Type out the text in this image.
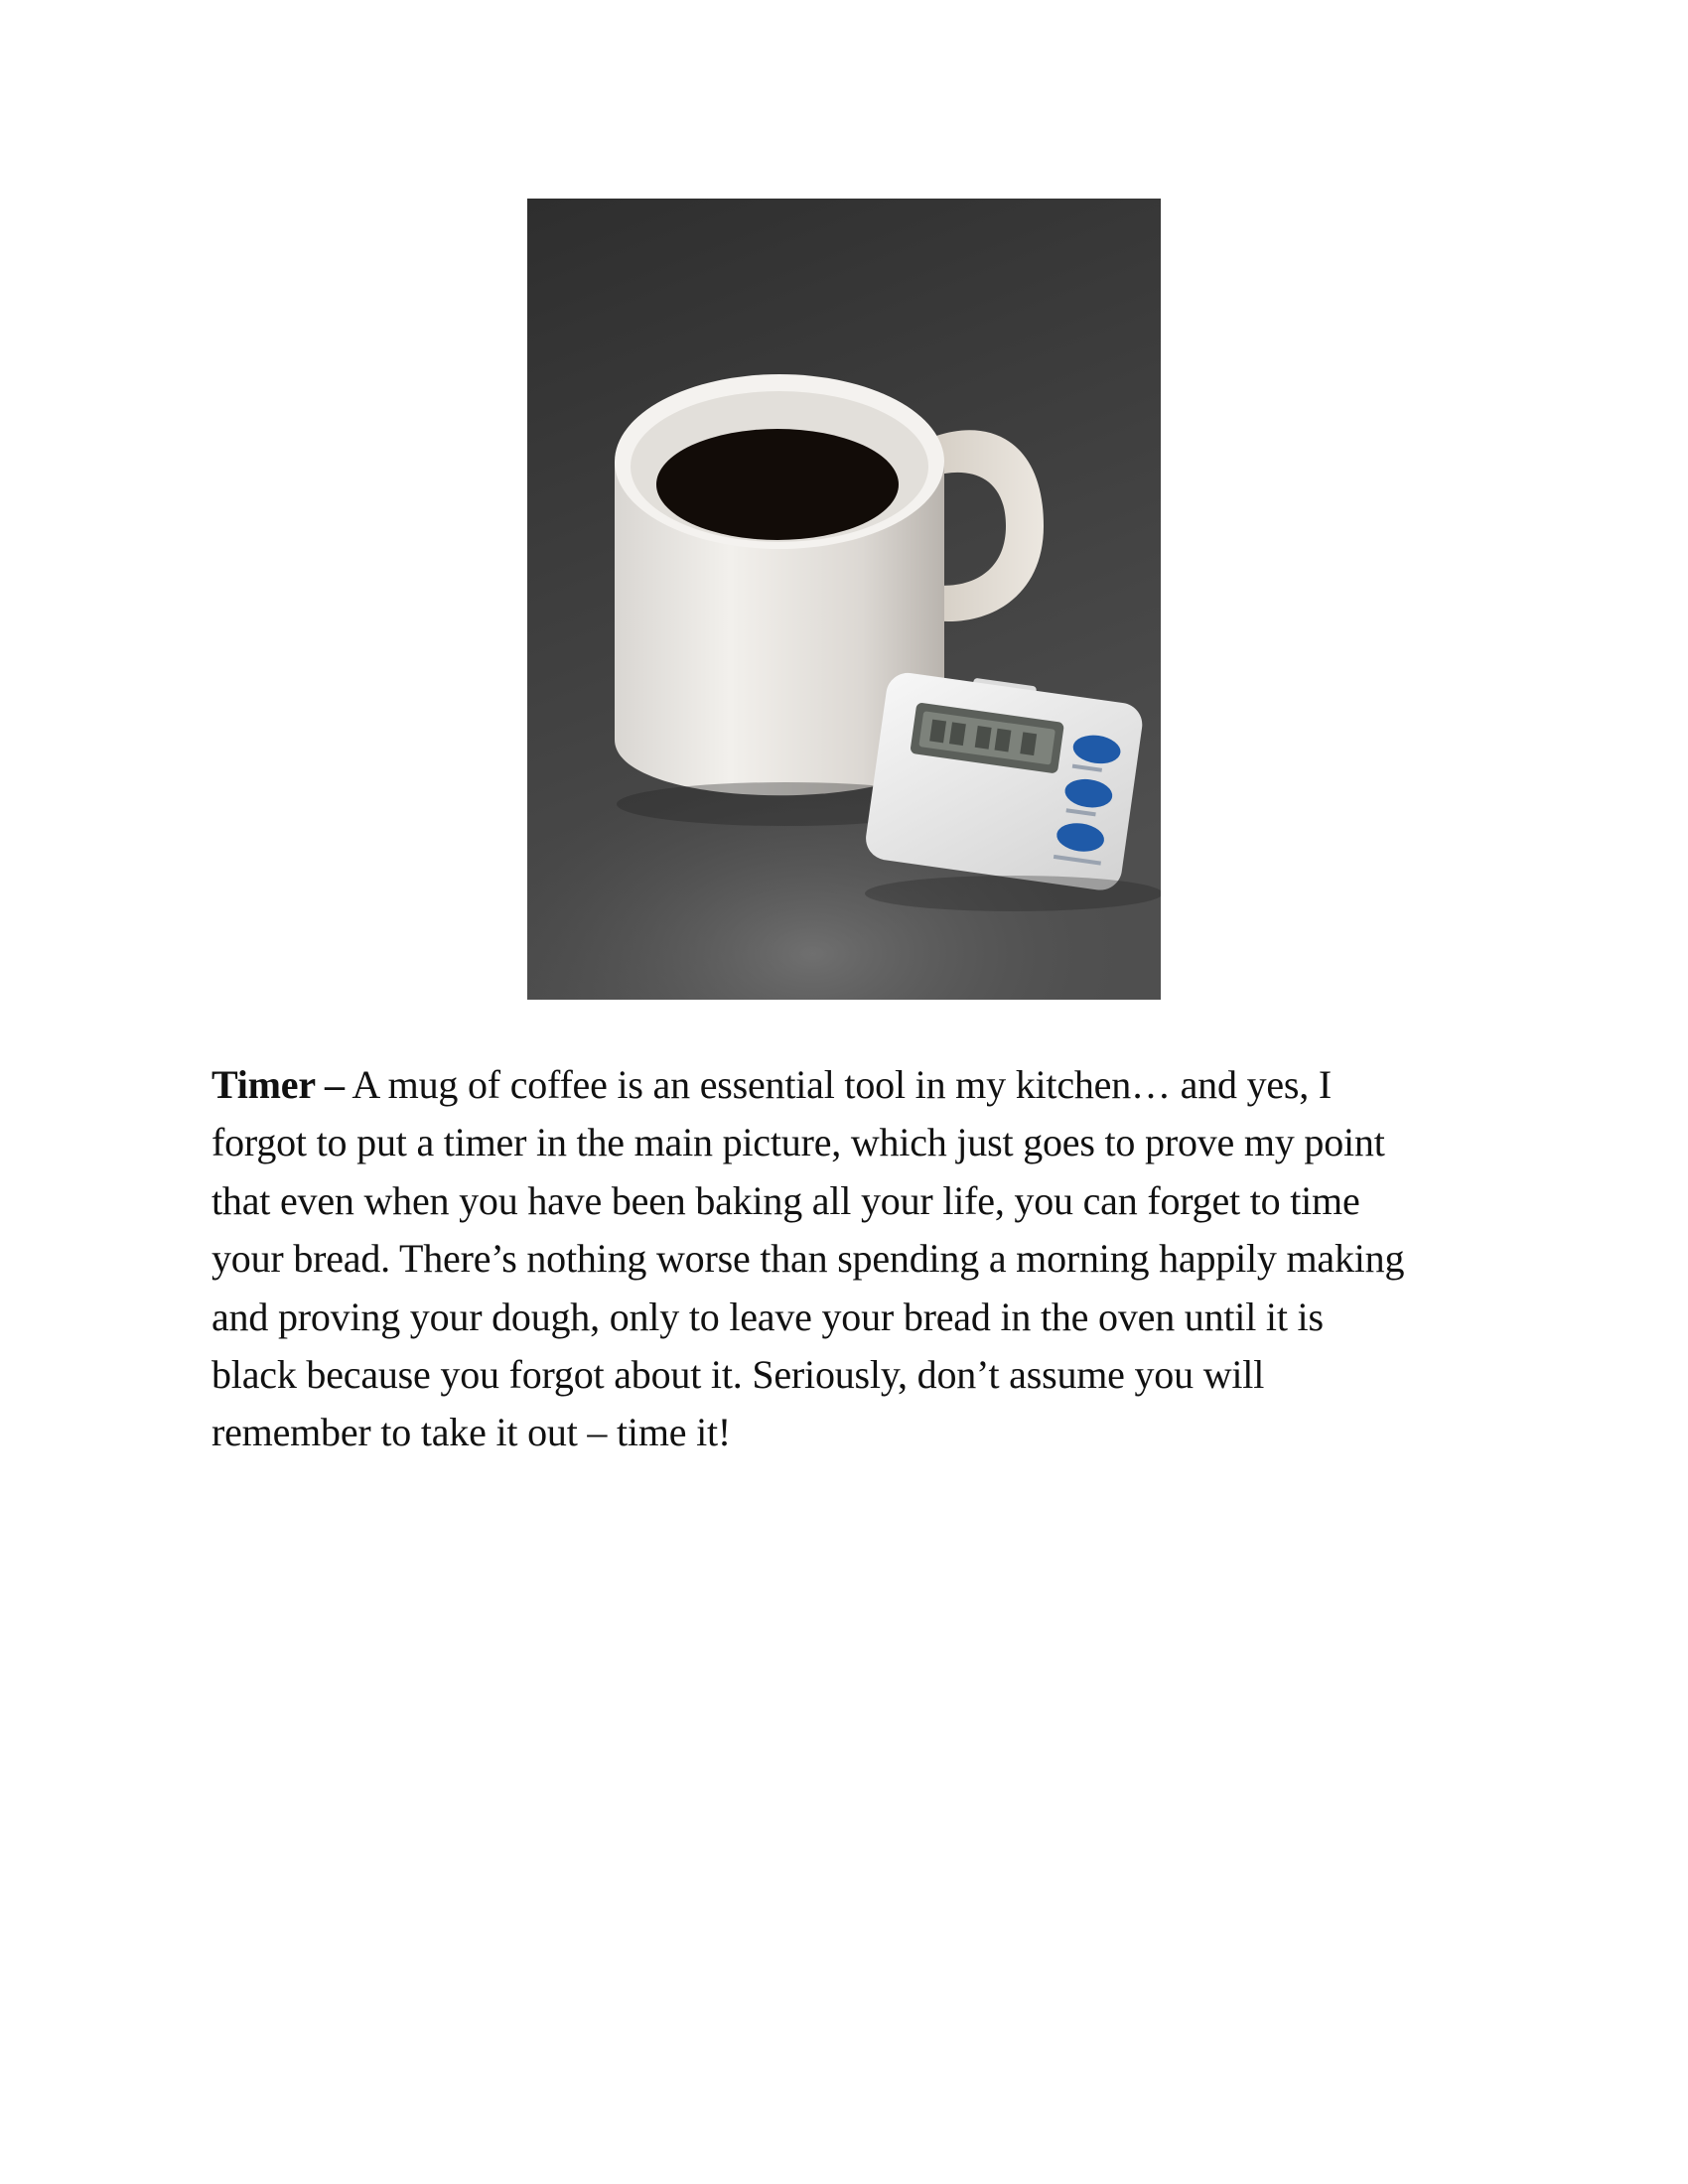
Timer – A mug of coffee is an essential tool in my kitchen… and yes, I
forgot to put a timer in the main picture, which just goes to prove my point
that even when you have been baking all your life, you can forget to time
your bread. There’s nothing worse than spending a morning happily making
and proving your dough, only to leave your bread in the oven until it is
black because you forgot about it. Seriously, don’t assume you will
remember to take it out – time it!
